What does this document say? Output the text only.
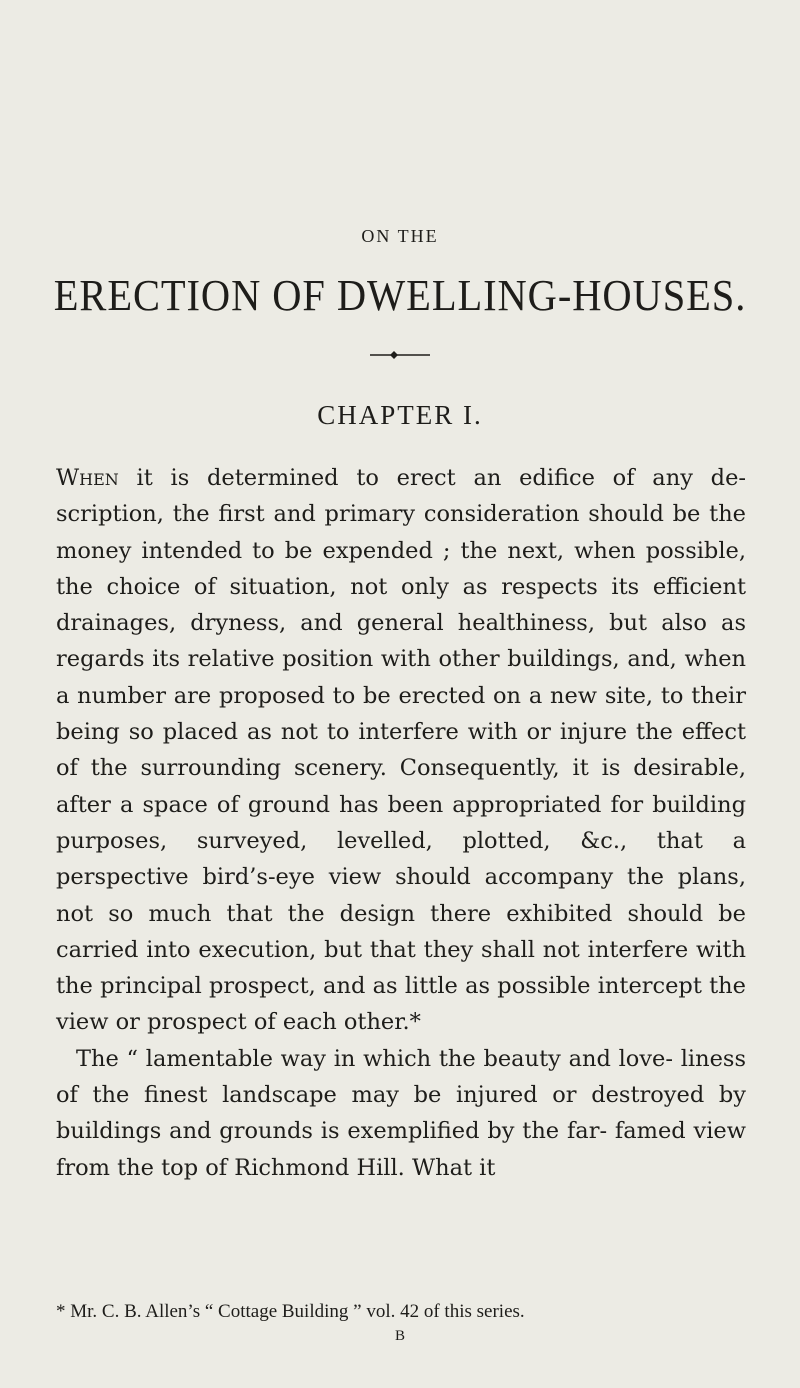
ON THE
ERECTION OF DWELLING-HOUSES.
CHAPTER I.

When it is determined to erect an edifice of any de- scription, the first and primary consideration should be the money intended to be expended ; the next, when possible, the choice of situation, not only as respects its efficient drainages, dryness, and general healthiness, but also as regards its relative position with other buildings, and, when a number are proposed to be erected on a new site, to their being so placed as not to interfere with or injure the effect of the surrounding scenery. Consequently, it is desirable, after a space of ground has been appropriated for building purposes, surveyed, levelled, plotted, &c., that a perspective bird’s-eye view should accompany the plans, not so much that the design there exhibited should be carried into execution, but that they shall not interfere with the principal prospect, and as little as possible intercept the view or prospect of each other.*

The “ lamentable way in which the beauty and love- liness of the finest landscape may be injured or destroyed by buildings and grounds is exemplified by the far- famed view from the top of Richmond Hill. What it

* Mr. C. B. Allen’s “ Cottage Building ” vol. 42 of this series.
B
